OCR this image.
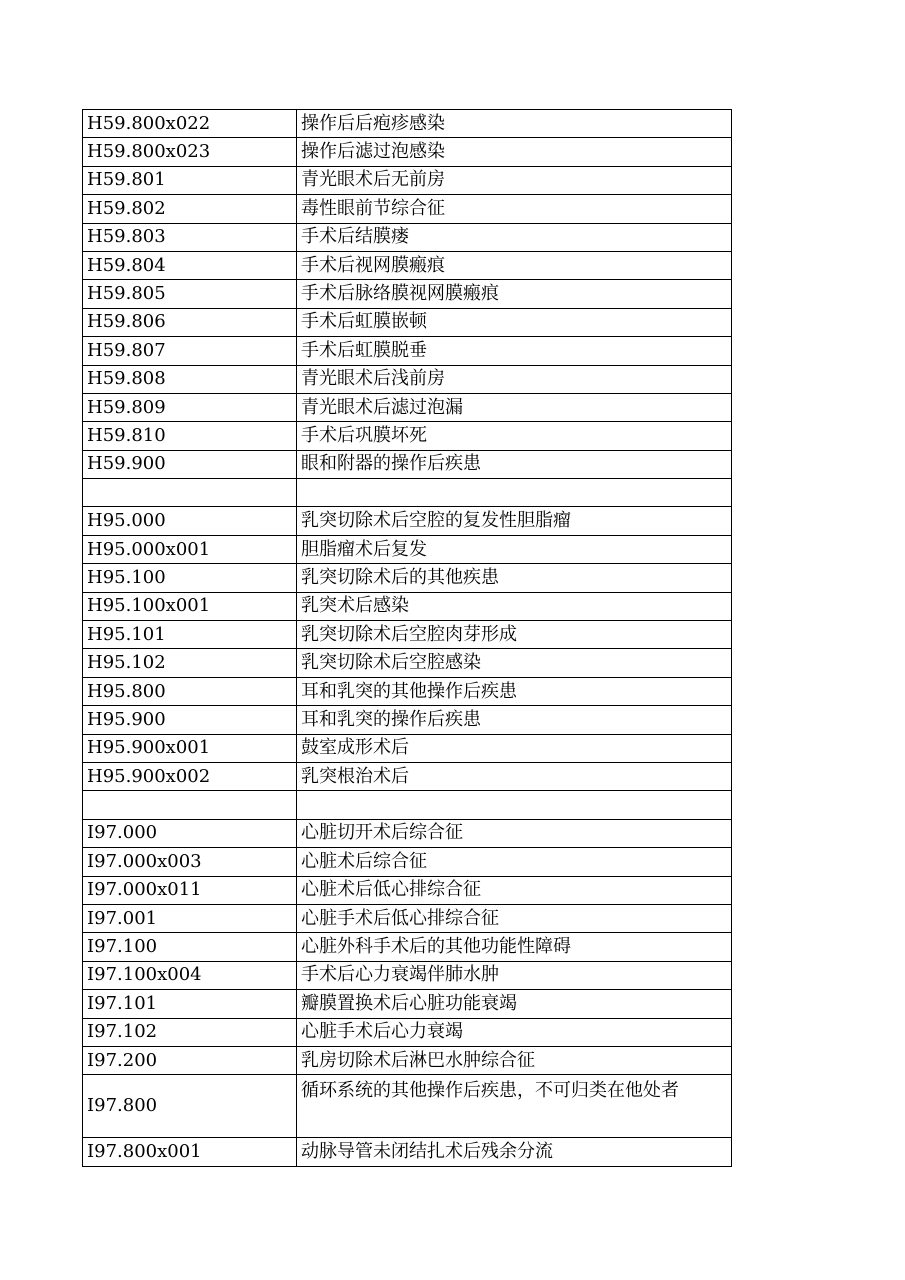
H59.800x022	操作后后疱疹感染
H59.800x023	操作后滤过泡感染
H59.801	青光眼术后无前房
H59.802	毒性眼前节综合征
H59.803	手术后结膜瘘
H59.804	手术后视网膜瘢痕
H59.805	手术后脉络膜视网膜瘢痕
H59.806	手术后虹膜嵌顿
H59.807	手术后虹膜脱垂
H59.808	青光眼术后浅前房
H59.809	青光眼术后滤过泡漏
H59.810	手术后巩膜坏死
H59.900	眼和附器的操作后疾患

H95.000	乳突切除术后空腔的复发性胆脂瘤
H95.000x001	胆脂瘤术后复发
H95.100	乳突切除术后的其他疾患
H95.100x001	乳突术后感染
H95.101	乳突切除术后空腔肉芽形成
H95.102	乳突切除术后空腔感染
H95.800	耳和乳突的其他操作后疾患
H95.900	耳和乳突的操作后疾患
H95.900x001	鼓室成形术后
H95.900x002	乳突根治术后

I97.000	心脏切开术后综合征
I97.000x003	心脏术后综合征
I97.000x011	心脏术后低心排综合征
I97.001	心脏手术后低心排综合征
I97.100	心脏外科手术后的其他功能性障碍
I97.100x004	手术后心力衰竭伴肺水肿
I97.101	瓣膜置换术后心脏功能衰竭
I97.102	心脏手术后心力衰竭
I97.200	乳房切除术后淋巴水肿综合征
I97.800	循环系统的其他操作后疾患，不可归类在他处者
I97.800x001	动脉导管未闭结扎术后残余分流
